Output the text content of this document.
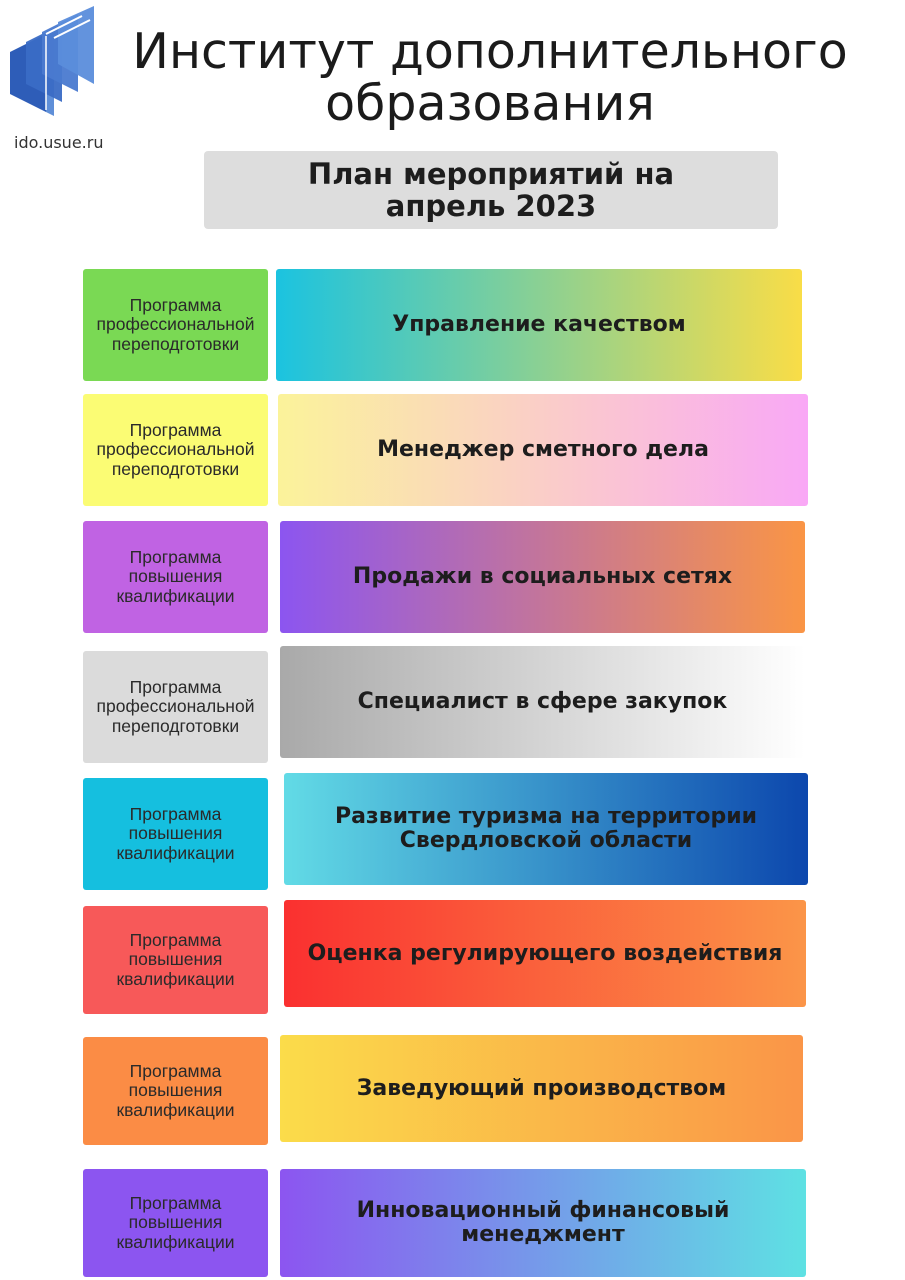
ido.usue.ru
Институт дополнительного образования
План мероприятий на апрель 2023
Программа
профессиональной
переподготовки
Управление качеством
Программа
профессиональной
переподготовки
Менеджер сметного дела
Программа
повышения
квалификации
Продажи в социальных сетях
Программа
профессиональной
переподготовки
Специалист в сфере закупок
Программа
повышения
квалификации
Развитие туризма на территории Свердловской области
Программа
повышения
квалификации
Оценка регулирующего воздействия
Программа
повышения
квалификации
Заведующий производством
Программа
повышения
квалификации
Инновационный финансовый менеджмент
